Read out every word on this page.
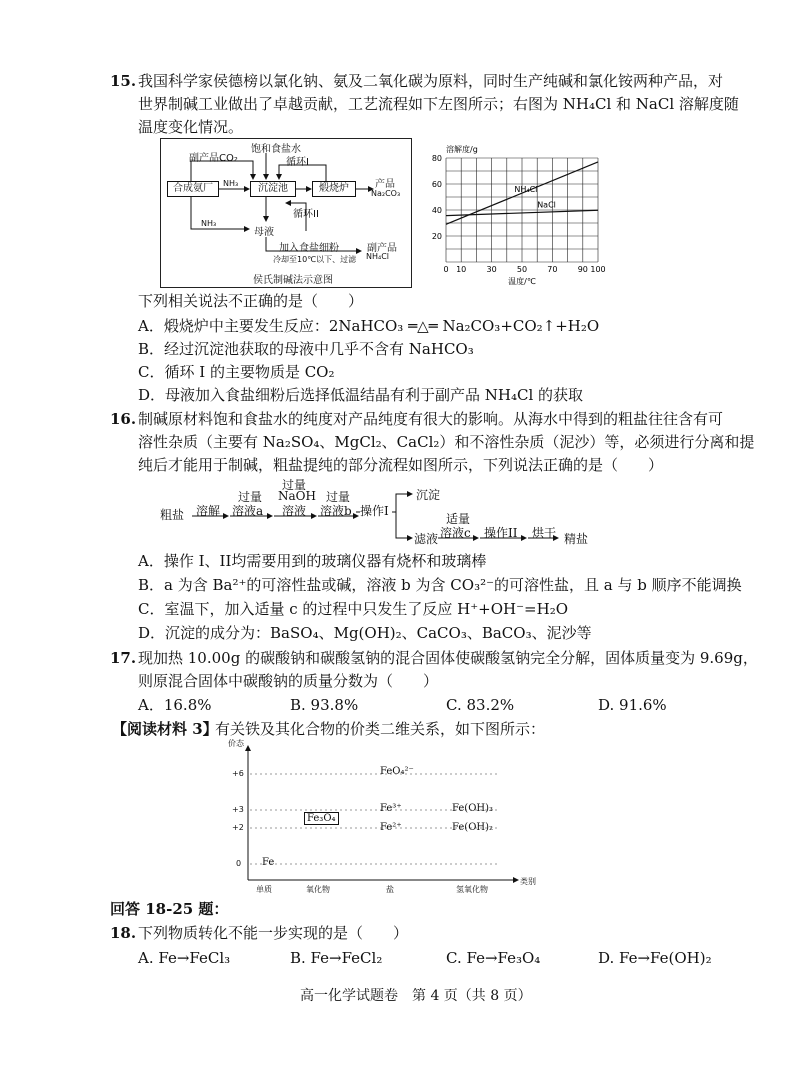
15. 我国科学家侯德榜以氯化钠、氨及二氧化碳为原料，同时生产纯碱和氯化铵两种产品，对
世界制碱工业做出了卓越贡献，工艺流程如下左图所示；右图为 NH₄Cl 和 NaCl 溶解度随
温度变化情况。
饱和食盐水
副产品CO₂	循环I
合成氨厂	NH₃	沉淀池	煅烧炉	产品
Na₂CO₃
循环II
NH₃
母液
加入食盐细粉
冷却至10℃以下、过滤
副产品
NH₄Cl
侯氏制碱法示意图
20
40
60
80
0 10	30	50	70	90 100
溶解度/g
温度/℃
NH₄Cl
NaCl
下列相关说法不正确的是（　　）
A．煅烧炉中主要发生反应：2NaHCO₃ ═△═ Na₂CO₃+CO₂↑+H₂O
B．经过沉淀池获取的母液中几乎不含有 NaHCO₃
C．循环 I 的主要物质是 CO₂
D．母液加入食盐细粉后选择低温结晶有利于副产品 NH₄Cl 的获取
16. 制碱原材料饱和食盐水的纯度对产品纯度有很大的影响。从海水中得到的粗盐往往含有可
溶性杂质（主要有 Na₂SO₄、MgCl₂、CaCl₂）和不溶性杂质（泥沙）等，必须进行分离和提
纯后才能用于制碱，粗盐提纯的部分流程如图所示，下列说法正确的是（　　）
粗盐 溶解
过量
溶液a
过量
NaOH
溶液
过量
溶液b 操作I
沉淀
滤液
适量
溶液c 操作II 烘干 精盐
A．操作 I、II均需要用到的玻璃仪器有烧杯和玻璃棒
B．a 为含 Ba²⁺的可溶性盐或碱，溶液 b 为含 CO₃²⁻的可溶性盐，且 a 与 b 顺序不能调换
C．室温下，加入适量 c 的过程中只发生了反应 H⁺+OH⁻=H₂O
D．沉淀的成分为：BaSO₄、Mg(OH)₂、CaCO₃、BaCO₃、泥沙等
17. 现加热 10.00g 的碳酸钠和碳酸氢钠的混合固体使碳酸氢钠完全分解，固体质量变为 9.69g，
则原混合固体中碳酸钠的质量分数为（　　）
A．16.8%	B. 93.8%	C. 83.2%	D. 91.6%
【阅读材料 3】
有关铁及其化合物的价类二维关系，如下图所示：
价态
类别
+6
+3
+2
0
单质	氧化物	盐	氢氧化物
FeO₄²⁻
Fe³⁺	Fe(OH)₃
Fe₃O₄
Fe²⁺	Fe(OH)₂
Fe
回答 18-25 题：
18. 下列物质转化不能一步实现的是（　　）
A. Fe→FeCl₃	B. Fe→FeCl₂	C. Fe→Fe₃O₄	D. Fe→Fe(OH)₂
高一化学试题卷　第 4 页（共 8 页）
